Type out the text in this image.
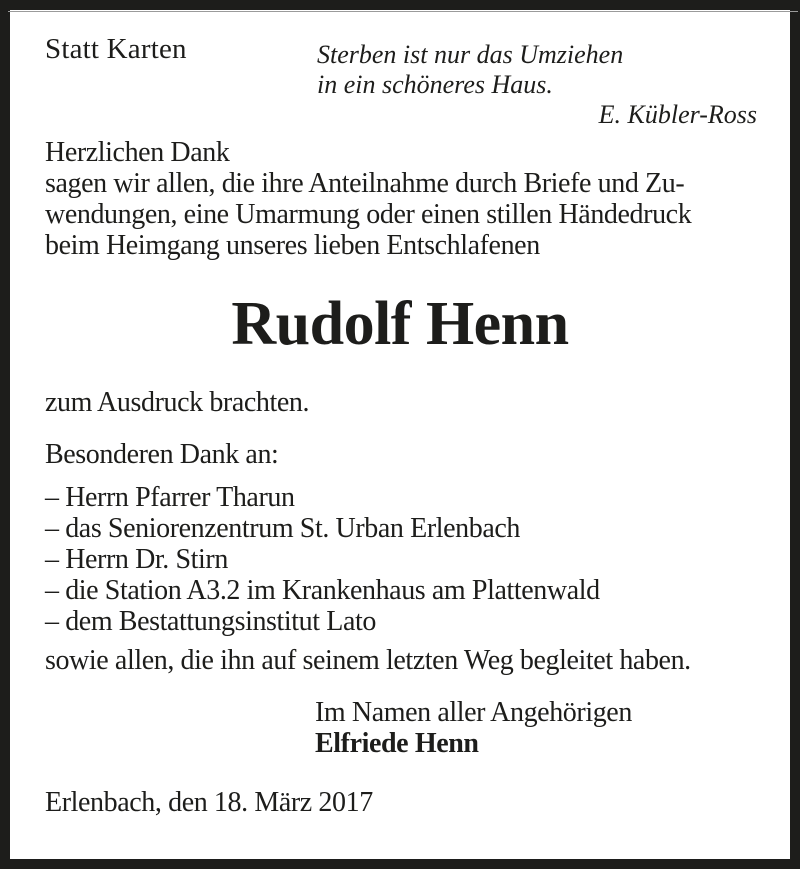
Statt Karten	Sterben ist nur das Umziehen
in ein schöneres Haus.
E. Kübler-Ross
Herzlichen Dank
sagen wir allen, die ihre Anteilnahme durch Briefe und Zu-
wendungen, eine Umarmung oder einen stillen Händedruck
beim Heimgang unseres lieben Entschlafenen
Rudolf Henn
zum Ausdruck brachten.
Besonderen Dank an:
– Herrn Pfarrer Tharun
– das Seniorenzentrum St. Urban Erlenbach
– Herrn Dr. Stirn
– die Station A3.2 im Krankenhaus am Plattenwald
– dem Bestattungsinstitut Lato
sowie allen, die ihn auf seinem letzten Weg begleitet haben.
Im Namen aller Angehörigen
Elfriede Henn
Erlenbach, den 18. März 2017
